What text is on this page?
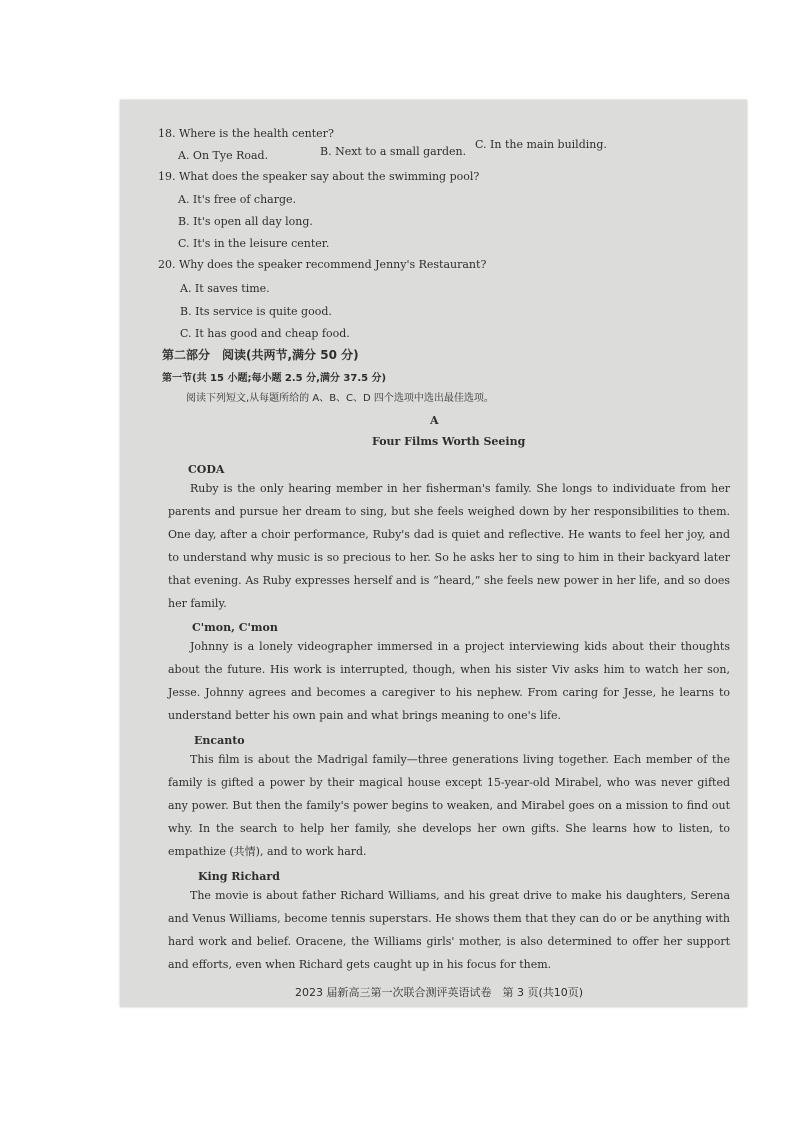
18. Where is the health center?
A. On Tye Road.	B. Next to a small garden.
C. In the main building.
19. What does the speaker say about the swimming pool?
A. It's free of charge.
B. It's open all day long.
C. It's in the leisure center.
20. Why does the speaker recommend Jenny's Restaurant?
A. It saves time.
B. Its service is quite good.
C. It has good and cheap food.
第二部分　阅读(共两节,满分 50 分)
第一节(共 15 小题;每小题 2.5 分,满分 37.5 分)
阅读下列短文,从每题所给的 A、B、C、D 四个选项中选出最佳选项。
A
Four Films Worth Seeing
CODA

Ruby is the only hearing member in her fisherman's family. She longs to individuate from her parents and pursue her dream to sing, but she feels weighed down by her responsibilities to them. One day, after a choir performance, Ruby's dad is quiet and reflective. He wants to feel her joy, and to understand why music is so precious to her. So he asks her to sing to him in their backyard later that evening. As Ruby expresses herself and is “heard,” she feels new power in her life, and so does her family.

C'mon, C'mon

Johnny is a lonely videographer immersed in a project interviewing kids about their thoughts about the future. His work is interrupted, though, when his sister Viv asks him to watch her son, Jesse. Johnny agrees and becomes a caregiver to his nephew. From caring for Jesse, he learns to understand better his own pain and what brings meaning to one's life.

Encanto

This film is about the Madrigal family—three generations living together. Each member of the family is gifted a power by their magical house except 15-year-old Mirabel, who was never gifted any power. But then the family's power begins to weaken, and Mirabel goes on a mission to find out why. In the search to help her family, she develops her own gifts. She learns how to listen, to empathize (共情), and to work hard.

King Richard

The movie is about father Richard Williams, and his great drive to make his daughters, Serena and Venus Williams, become tennis superstars. He shows them that they can do or be anything with hard work and belief. Oracene, the Williams girls' mother, is also determined to offer her support and efforts, even when Richard gets caught up in his focus for them.

2023 届新高三第一次联合测评英语试卷　第 3 页(共10页)
